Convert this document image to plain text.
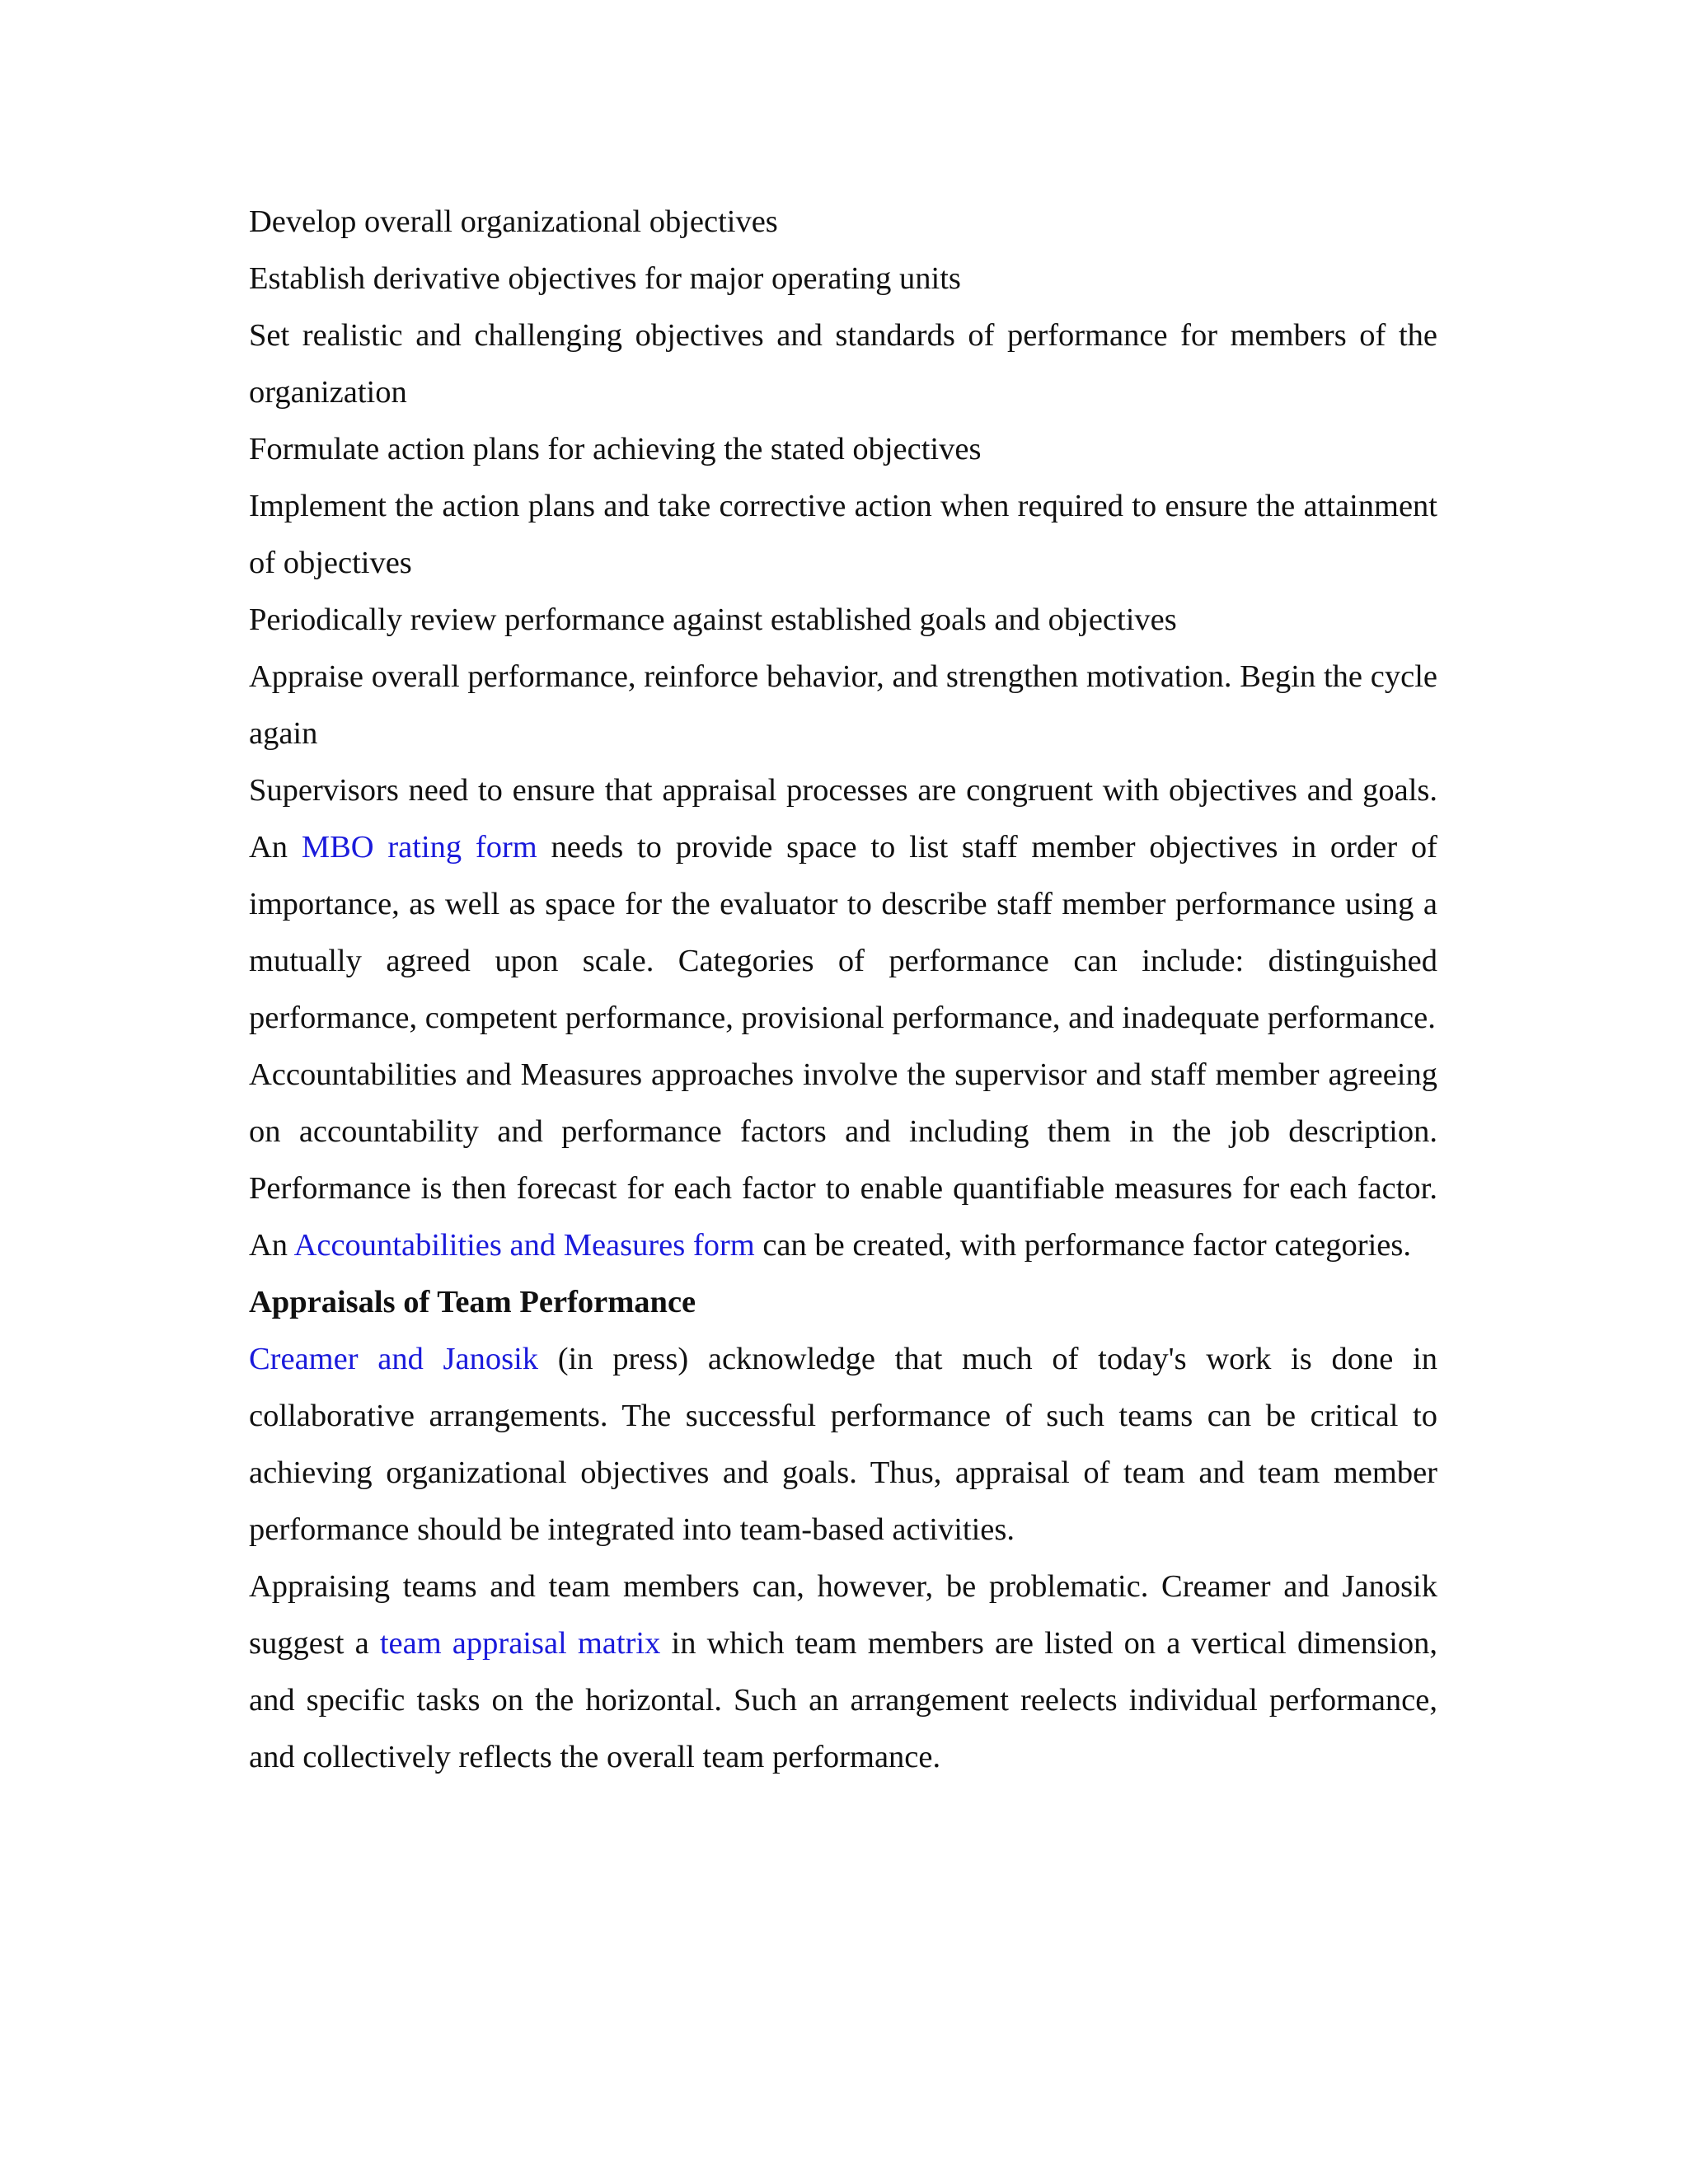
Develop overall organizational objectives

Establish derivative objectives for major operating units

Set realistic and challenging objectives and standards of performance for members of the organization

Formulate action plans for achieving the stated objectives

Implement the action plans and take corrective action when required to ensure the attainment of objectives

Periodically review performance against established goals and objectives

Appraise overall performance, reinforce behavior, and strengthen motivation. Begin the cycle again

Supervisors need to ensure that appraisal processes are congruent with objectives and goals. An MBO rating form needs to provide space to list staff member objectives in order of importance, as well as space for the evaluator to describe staff member performance using a mutually agreed upon scale. Categories of performance can include: distinguished performance, competent performance, provisional performance, and inadequate performance.

Accountabilities and Measures approaches involve the supervisor and staff member agreeing on accountability and performance factors and including them in the job description. Performance is then forecast for each factor to enable quantifiable measures for each factor. An Accountabilities and Measures form can be created, with performance factor categories.

Appraisals of Team Performance

Creamer and Janosik (in press) acknowledge that much of today's work is done in collaborative arrangements. The successful performance of such teams can be critical to achieving organizational objectives and goals. Thus, appraisal of team and team member performance should be integrated into team-based activities.

Appraising teams and team members can, however, be problematic. Creamer and Janosik suggest a team appraisal matrix in which team members are listed on a vertical dimension, and specific tasks on the horizontal. Such an arrangement reelects individual performance, and collectively reflects the overall team performance.
